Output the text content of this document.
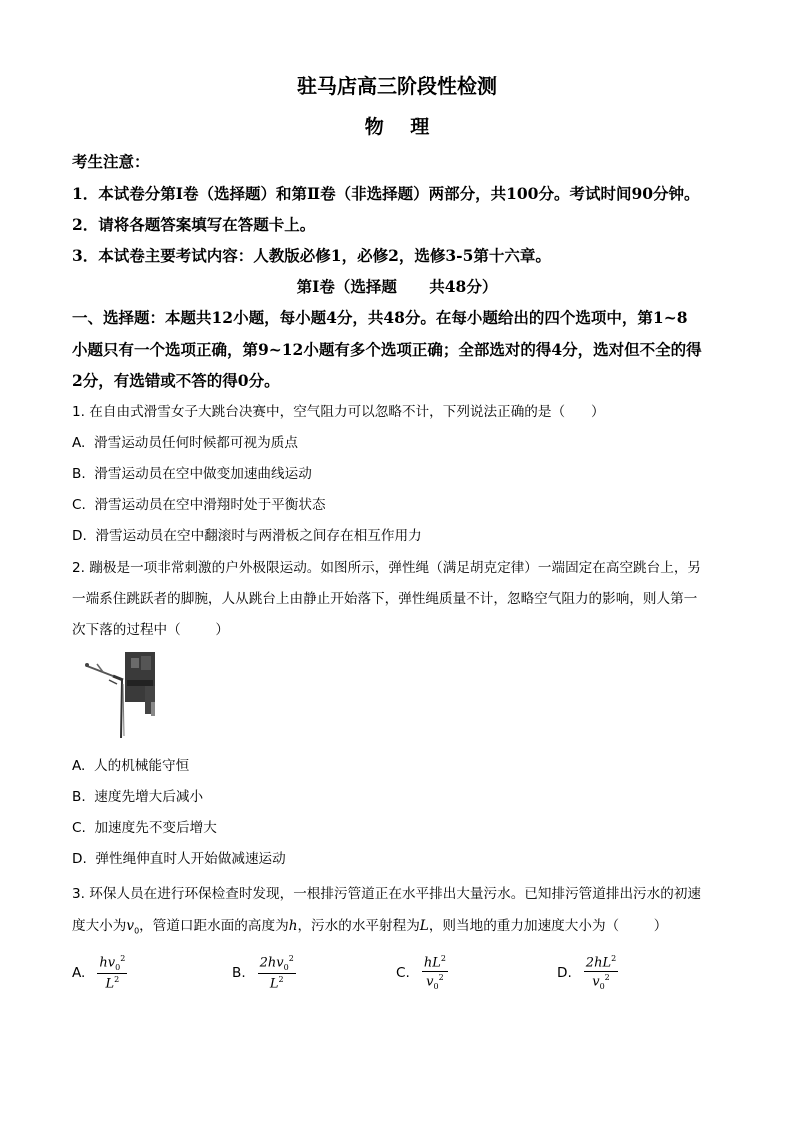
驻马店高三阶段性检测
物    理
考生注意：
1．本试卷分第Ⅰ卷（选择题）和第Ⅱ卷（非选择题）两部分，共100分。考试时间90分钟。
2．请将各题答案填写在答题卡上。
3．本试卷主要考试内容：人教版必修1，必修2，选修3-5第十六章。
第Ⅰ卷（选择题      共48分）
一、选择题：本题共12小题，每小题4分，共48分。在每小题给出的四个选项中，第1~8
小题只有一个选项正确，第9~12小题有多个选项正确；全部选对的得4分，选对但不全的得
2分，有选错或不答的得0分。
1. 在自由式滑雪女子大跳台决赛中，空气阻力可以忽略不计，下列说法正确的是（      ）
A.  滑雪运动员任何时候都可视为质点
B.  滑雪运动员在空中做变加速曲线运动
C.  滑雪运动员在空中滑翔时处于平衡状态
D.  滑雪运动员在空中翻滚时与两滑板之间存在相互作用力
2. 蹦极是一项非常刺激的户外极限运动。如图所示，弹性绳（满足胡克定律）一端固定在高空跳台上，另
一端系住跳跃者的脚腕，人从跳台上由静止开始落下，弹性绳质量不计，忽略空气阻力的影响，则人第一
次下落的过程中（        ）
A.  人的机械能守恒
B.  速度先增大后减小
C.  加速度先不变后增大
D.  弹性绳伸直时人开始做减速运动
3. 环保人员在进行环保检查时发现，一根排污管道正在水平排出大量污水。已知排污管道排出污水的初速
度大小为$v_0$，管道口距水面的高度为h，污水的水平射程为L，则当地的重力加速度大小为（        ）
A. $\frac{hv_0^2}{L^2}$	B. $\frac{2hv_0^2}{L^2}$	C. $\frac{hL^2}{v_0^2}$	D. $\frac{2hL^2}{v_0^2}$
